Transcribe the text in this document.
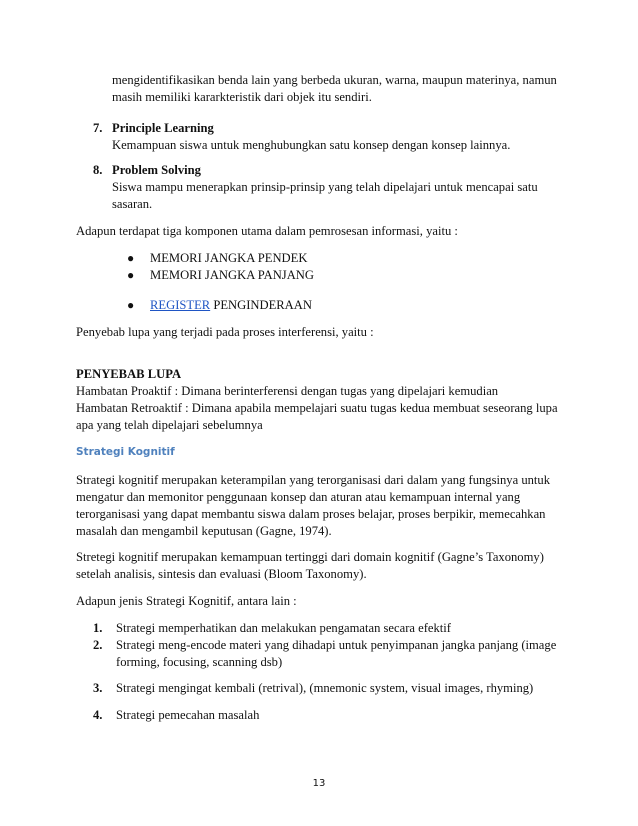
mengidentifikasikan benda lain yang berbeda ukuran, warna, maupun materinya, namun
masih memiliki kararkteristik dari objek itu sendiri.
7. Principle Learning
Kemampuan siswa untuk menghubungkan satu konsep dengan konsep lainnya.
8. Problem Solving
Siswa mampu menerapkan prinsip-prinsip yang telah dipelajari untuk mencapai satu
sasaran.
Adapun terdapat tiga komponen utama dalam pemrosesan informasi, yaitu :
● MEMORI JANGKA PENDEK
● MEMORI JANGKA PANJANG
● REGISTER PENGINDERAAN
Penyebab lupa yang terjadi pada proses interferensi, yaitu :
PENYEBAB LUPA
Hambatan Proaktif : Dimana berinterferensi dengan tugas yang dipelajari kemudian
Hambatan Retroaktif : Dimana apabila mempelajari suatu tugas kedua membuat seseorang lupa
apa yang telah dipelajari sebelumnya
Strategi Kognitif
Strategi kognitif merupakan keterampilan yang terorganisasi dari dalam yang fungsinya untuk
mengatur dan memonitor penggunaan konsep dan aturan atau kemampuan internal yang
terorganisasi yang dapat membantu siswa dalam proses belajar, proses berpikir, memecahkan
masalah dan mengambil keputusan (Gagne, 1974).
Stretegi kognitif merupakan kemampuan tertinggi dari domain kognitif (Gagne’s Taxonomy)
setelah analisis, sintesis dan evaluasi (Bloom Taxonomy).
Adapun jenis Strategi Kognitif, antara lain :
1. Strategi memperhatikan dan melakukan pengamatan secara efektif
2. Strategi meng-encode materi yang dihadapi untuk penyimpanan jangka panjang (image
forming, focusing, scanning dsb)
3. Strategi mengingat kembali (retrival), (mnemonic system, visual images, rhyming)
4. Strategi pemecahan masalah
13
